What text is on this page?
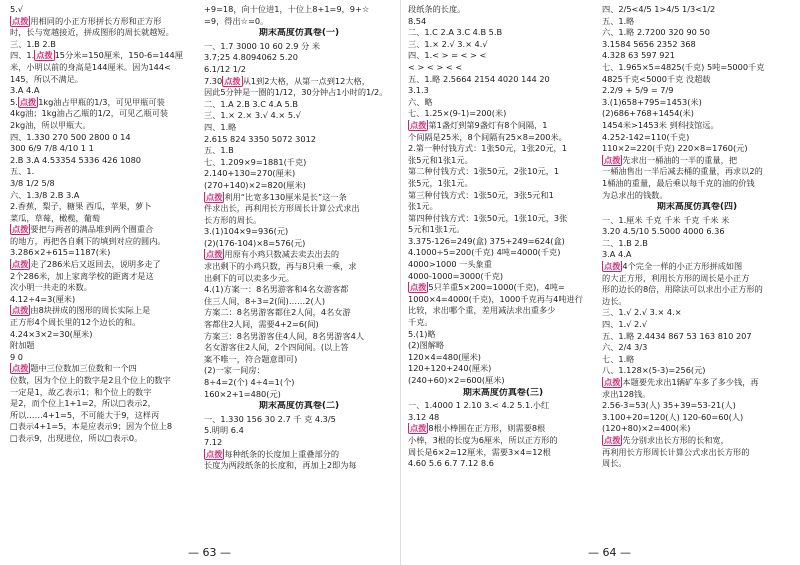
5.√
点拨 用相同的小正方形拼长方形和正方形
时，长与宽越接近，拼成图形的周长就越短。
三、1.B 2.B
四、1. 点拨 15分米=150厘米，150-6=144厘
米，小明以前的身高是144厘米。因为144<
145，所以不满足。
3.A 4.A
5. 点拨 1kg油占甲瓶的1/3，可见甲瓶可装
4kg油；1kg油占乙瓶的1/2，可见乙瓶可装
2kg油，所以甲瓶大。
四、1.330 270 500 2800 0 14
300 6/9 7/8 4/10 1 1
2.B 3.A 4.53354 5336 426 1080
五、1.
3/8 1/2 5/8
六、1.3/8 2.B 3.A
2.香蕉，梨子，糖果 西瓜，苹果，萝卜
菜瓜，草莓，橄榄，葡萄
点拨 要把与两者的满品堆到两个圈重合
的地方，再把各自剩下的填到对应的圆内。
3.286×2+615=1187(米)
点拨 走了286米后又返回去，说明多走了
2个286米，加上家离学校的距离才是这
次小明一共走的米数。
4.12÷4=3(厘米)
点拨 由8块拼成的图形的周长实际上是
正方形4个周长里的12个边长的和。
4.24×3×2=30(厘米)
附加题
9 0
点拨 题中三位数加三位数和一个四
位数，因为个位上的数字是2且个位上的数字
一定是1，故乙表示1；和个位上的数字
是2，而个位上1+1=2，所以□表示2，
所以……4+1=5，不可能大于9，这样丙
□表示4+1=5，本是应表示9；因为个位上8
□表示9，出现进位，所以□表示0。
+9=18，向十位进1，十位上8+1=9，9+☆
=9，得出☆=0。
期末高度仿真卷(一)
一、1.7 3000 10 60 2.9 分 米
3.7;25 4.8094062 5.20
6.1/12 1/2
7.30 点拨 从1到2大格，从第一点到12大格，
因此5分钟是一圈的1/12，30分钟占1小时的1/2。
二、1.A 2.B 3.C 4.A 5.B
三、1.× 2.× 3.√ 4.× 5.√
四、1.略
2.615 824 3350 5072 3012
五、1.B
七、1.209×9=1881(千克)
2.140+130=270(厘米)
(270+140)×2=820(厘米)
点拨 利用“比宽多130厘米是长”这一条
件求出长，再利用长方形周长计算公式求出
长方形的周长。
3.(1)104×9=936(元)
(2)(176-104)×8=576(元)
点拨 用原有小鸡只数减去卖去出去的
求出剩下的小鸡只数，再与8只乘一乘，求
出剩下的可以卖多少元。
4.(1)方案一：8名男游客和4名女游客都
住三人间，8÷3=2(间)……2(人)
方案二：8名男游客都住2人间，4名女游
客都住2人间，需要4+2=6(间)
方案三：8名男游客住4人间，8名男游客4人
名女游客住2人间，2个四间间。(以上答
案不唯一，符合题意即可)
(2)一家一间房：
8÷4=2(个) 4÷4=1(个)
160×2+1=480(元)
期末高度仿真卷(二)
一、1.330 156 30 2.7 千 克 4.3/5
5.明明 6.4
7.12
点拨 每种纸条的长度加上重叠部分的
长度为两段纸条的长度和，再加上2即为每
段纸条的长度。
8.54
二、1.C 2.A 3.C 4.B 5.B
三、1.× 2.√ 3.× 4.√
四、1.< > = < > <
< > < > < <
五、1.略 2.5664 2154 4020 144 20
3.1.3
六、略
七、1.25×(9-1)=200(米)
点拨 第1盏灯到第9盏灯有8个间隔，1
个间隔是25米，8个间隔有25×8=200米。
2.第一种付钱方式：1张50元，1张20元，1
张5元和1张1元。
第二种付钱方式：1张50元，2张10元，1
张5元，1张1元。
第三种付钱方式：1张50元，3张5元和1
张1元。
第四种付钱方式：1张50元，1张10元，3张
5元和1张1元。
3.375-126=249(盒) 375+249=624(盒)
4.1000÷5=200(千克) 4吨=4000(千克)
4000>1000 一头象重
4000-1000=3000(千克)
点拨 5只羊重5×200=1000(千克)，4吨=
1000×4=4000(千克)，1000千克再与4吨进行
比较，求出哪个重，差用减法求出重多少
千克。
5.(1)略
(2)图解略
120×4=480(厘米)
120+120+240(厘米)
(240+60)×2=600(厘米)
期末高度仿真卷(三)
一、1.4000 1 2.10 3.< 4.2 5.1.小红
3.12 48
点拨 8根小棒围在正方形，则需要8根
小棒，3根的长度为6厘米，所以正方形的
周长是6×2=12厘米，需要3×4=12根
4.60 5.6 6.7 7.12 8.6
四、2/5<4/5 1>4/5 1/3<1/2
五、1.略
六、1.略 2.7200 320 90 50
3.1584 5656 2352 368
4.328 63 597 921
七、1.965×5=4825(千克) 5吨=5000千克
4825千克<5000千克 没超载
2.2/9 + 5/9 = 7/9
3.(1)658+795=1453(米)
(2)686+768+1454(米)
1454米>1453米 到科技馆远。
4.252-142=110(千克)
110×2=220(千克) 220×8=1760(元)
点拨 先求出一桶油的一半的重量，把
一桶油售出一半后减去桶的重量，再求以2的
1桶油的重量，最后乘以每千克的油的价钱
为总求出的钱数。
期末高度仿真卷(四)
一、1.厘米 千克 千米 千克 千米 米
3.20 4.5/10 5.5000 4000 6.36
二、1.B 2.B
3.A 4.A
点拨 4个完全一样的小正方形拼成如图
的大正方形，利用长方形的周长是小正方
形的边长的8倍，用除法可以求出小正方形的
边长。
三、1.√ 2.√ 3.× 4.×
四、1.√ 2.√
五、1.略 2.4434 867 53 163 810 207
六、2/4 3/3
七、1.略
八、1.128×(5-3)=256(元)
点拨 本题要先求出1辆矿车多了多少钱，再
求出128钱。
2.56-3=53(人) 35+39=53-21(人)
3.100+20=120(人) 120-60=60(人)
(120+80)×2=400(米)
点拨 先分别求出长方形的长和宽，
再利用长方形周长计算公式求出长方形的
周长。
— 63 —	— 64 —
